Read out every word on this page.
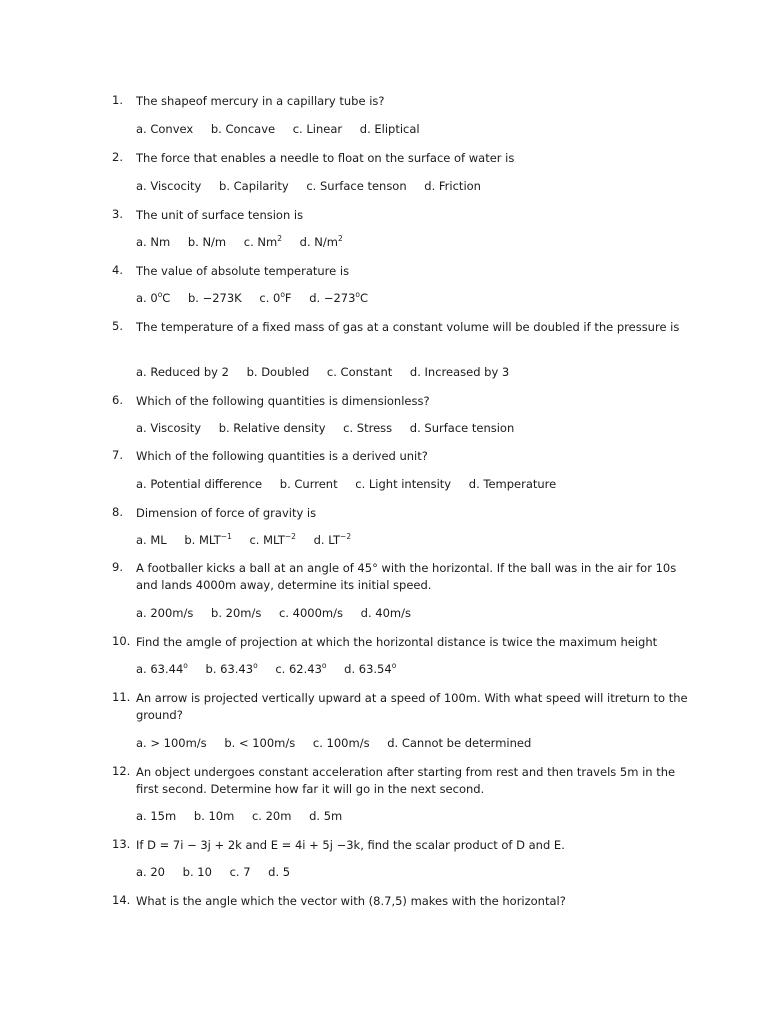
1.	The shapeof mercury in a capillary tube is?
a. Convex b. Concave c. Linear d. Eliptical
2.	The force that enables a needle to float on the surface of water is
a. Viscocity b. Capilarity c. Surface tenson d. Friction
3.	The unit of surface tension is
a. Nm b. N/m c. Nm$^2$ d. $N/m^2$
4.	The value of absolute temperature is
a. 0$^o$C b. −273K c. 0$^o$F d. $-273^oC$
5.	The temperature of a fixed mass of gas at a constant volume will be doubled if the pressure is
a. Reduced by 2 b. Doubled c. Constant d. Increased by 3
6.	Which of the following quantities is dimensionless?
a. Viscosity b. Relative density c. Stress d. Surface tension
7.	Which of the following quantities is a derived unit?
a. Potential difference b. Current c. Light intensity d. Temperature
8.	Dimension of force of gravity is
a. ML b. $MLT^{-1}$ c. $MLT^{-2}$ d. $LT^{-2}$
9.	A footballer kicks a ball at an angle of 45° with the horizontal. If the ball was in the air for 10s and lands 4000m away, determine its initial speed.
a. 200m/s b. 20m/s c. 4000m/s d. 40m/s
10. Find the amgle of projection at which the horizontal distance is twice the maximum height
a. 63.44$^o$ b. 63.43$^o$ c. 62.43$^o$ d. 63.54$^o$
11. An arrow is projected vertically upward at a speed of 100m. With what speed will itreturn to the ground?
a. > 100m/s b. < 100m/s c. 100m/s d. Cannot be determined
12. An object undergoes constant acceleration after starting from rest and then travels 5m in the first second. Determine how far it will go in the next second.
a. 15m b. 10m c. 20m d. 5m
13. If D = 7i − 3j + 2k and E = 4i + 5j −3k, find the scalar product of D and E.
a. 20 b. 10 c. 7 d. 5
14. What is the angle which the vector with (8.7,5) makes with the horizontal?
